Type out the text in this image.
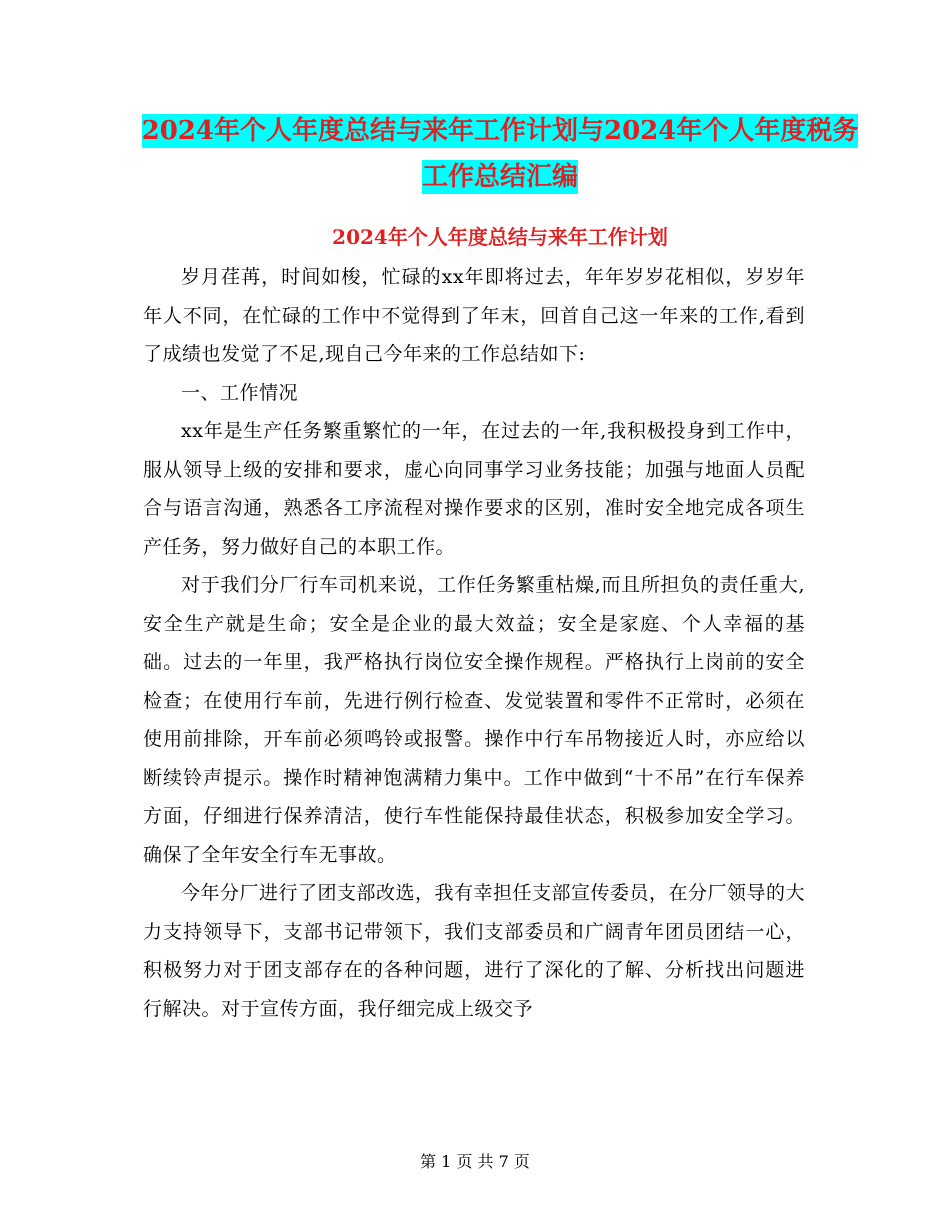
2024年个人年度总结与来年工作计划与2024年个人年度税务工作总结汇编
2024年个人年度总结与来年工作计划

岁月荏苒，时间如梭，忙碌的xx年即将过去，年年岁岁花相似，岁岁年年人不同，在忙碌的工作中不觉得到了年末，回首自己这一年来的工作,看到了成绩也发觉了不足,现自己今年来的工作总结如下:

一、工作情况

xx年是生产任务繁重繁忙的一年，在过去的一年,我积极投身到工作中，服从领导上级的安排和要求，虚心向同事学习业务技能；加强与地面人员配合与语言沟通，熟悉各工序流程对操作要求的区别，准时安全地完成各项生产任务，努力做好自己的本职工作。

对于我们分厂行车司机来说，工作任务繁重枯燥,而且所担负的责任重大,安全生产就是生命；安全是企业的最大效益；安全是家庭、个人幸福的基础。过去的一年里，我严格执行岗位安全操作规程。严格执行上岗前的安全检查；在使用行车前，先进行例行检查、发觉装置和零件不正常时，必须在使用前排除，开车前必须鸣铃或报警。操作中行车吊物接近人时，亦应给以断续铃声提示。操作时精神饱满精力集中。工作中做到“十不吊”在行车保养方面，仔细进行保养清洁，使行车性能保持最佳状态，积极参加安全学习。确保了全年安全行车无事故。

今年分厂进行了团支部改选，我有幸担任支部宣传委员，在分厂领导的大力支持领导下，支部书记带领下，我们支部委员和广阔青年团员团结一心，积极努力对于团支部存在的各种问题，进行了深化的了解、分析找出问题进行解决。对于宣传方面，我仔细完成上级交予

第 1 页 共 7 页
